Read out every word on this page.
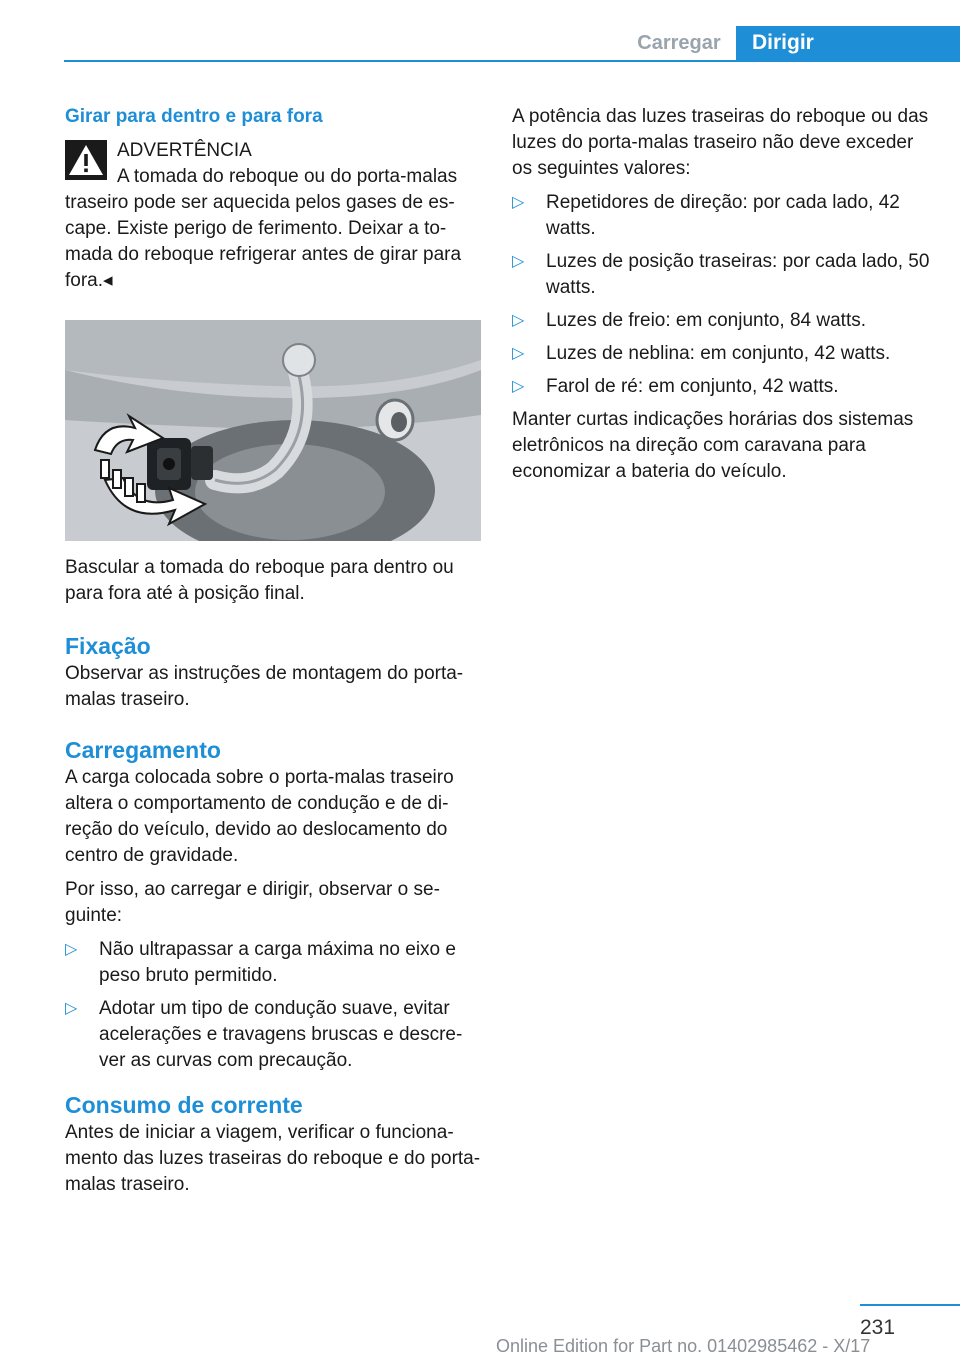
Carregar	Dirigir
Girar para dentro e para fora
ADVERTÊNCIA
A tomada do reboque ou do porta-malas traseiro pode ser aquecida pelos gases de escape. Existe perigo de ferimento. Deixar a tomada do reboque refrigerar antes de girar para fora.◂
Bascular a tomada do reboque para dentro ou para fora até à posição final.
Fixação
Observar as instruções de montagem do porta-malas traseiro.
Carregamento
A carga colocada sobre o porta-malas traseiro altera o comportamento de condução e de direção do veículo, devido ao deslocamento do centro de gravidade.
Por isso, ao carregar e dirigir, observar o seguinte:
▷ Não ultrapassar a carga máxima no eixo e peso bruto permitido.
▷ Adotar um tipo de condução suave, evitar acelerações e travagens bruscas e descrever as curvas com precaução.
Consumo de corrente
Antes de iniciar a viagem, verificar o funcionamento das luzes traseiras do reboque e do porta-malas traseiro.
A potência das luzes traseiras do reboque ou das luzes do porta-malas traseiro não deve exceder os seguintes valores:
▷ Repetidores de direção: por cada lado, 42 watts.
▷ Luzes de posição traseiras: por cada lado, 50 watts.
▷ Luzes de freio: em conjunto, 84 watts.
▷ Luzes de neblina: em conjunto, 42 watts.
▷ Farol de ré: em conjunto, 42 watts.
Manter curtas indicações horárias dos sistemas eletrônicos na direção com caravana para economizar a bateria do veículo.
231
Online Edition for Part no. 01402985462 - X/17
